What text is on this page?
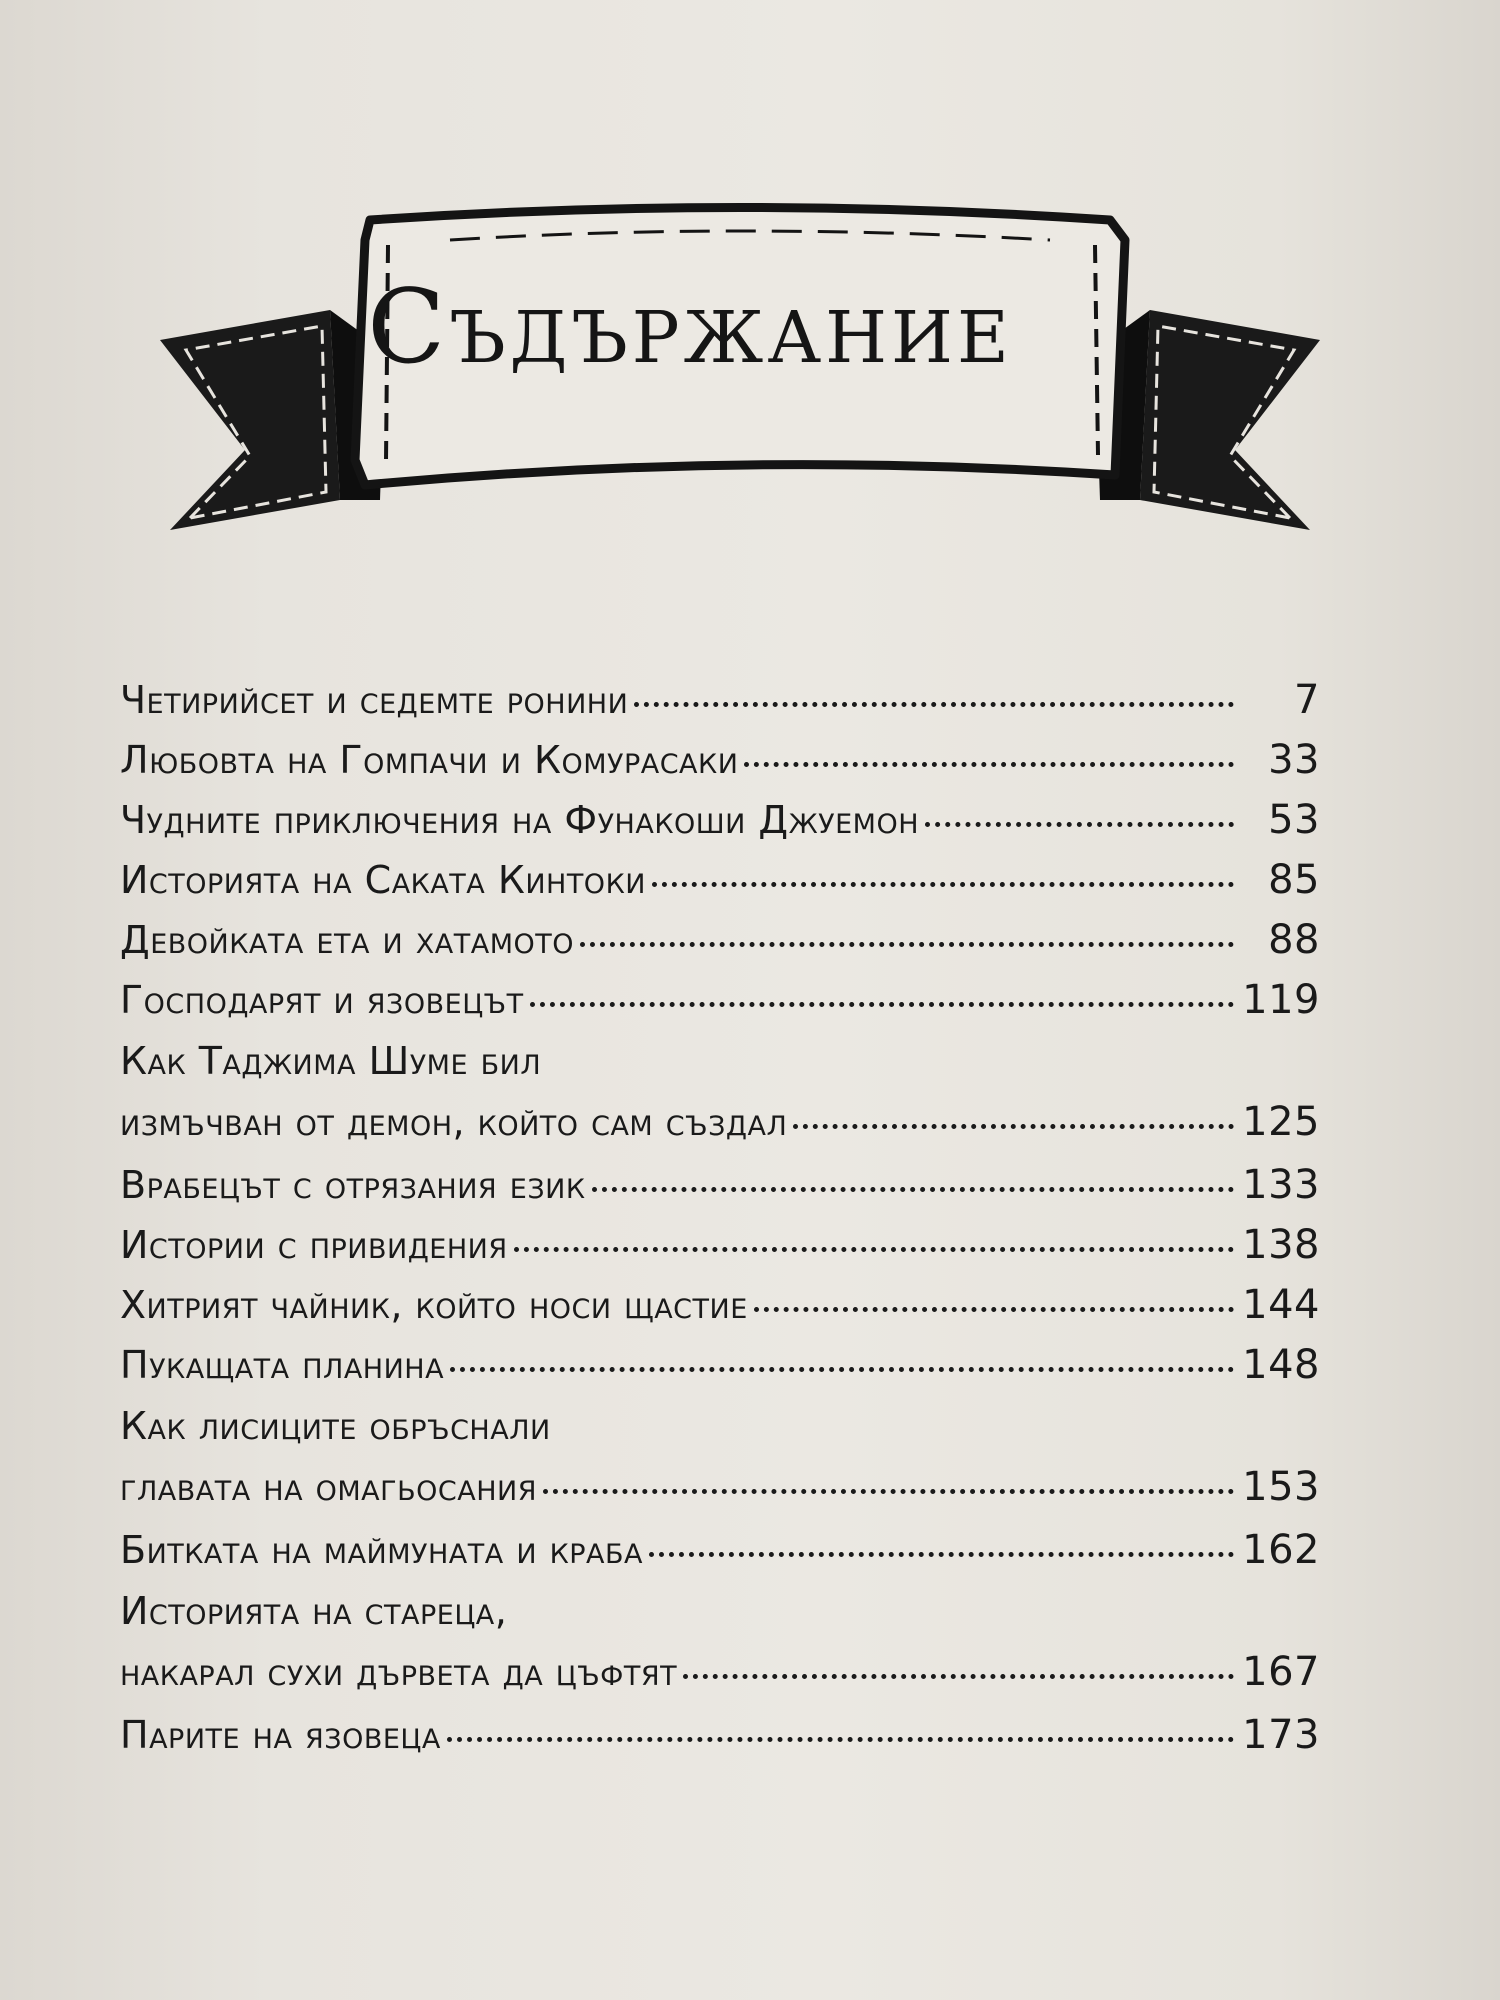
Съдържание
Четирийсет и седемте ронини	7
Любовта на Гомпачи и Комурасаки	33
Чудните приключения на Фунакоши Джуемон	53
Историята на Саката Кинтоки	85
Девойката ета и хатамото	88
Господарят и язовецът	119
Как Таджима Шуме бил
измъчван от демон, който сам създал	125
Врабецът с отрязания език	133
Истории с привидения	138
Хитрият чайник, който носи щастие	144
Пукащата планина	148
Как лисиците обръснали
главата на омагьосания	153
Битката на маймуната и краба	162
Историята на стареца,
накарал сухи дървета да цъфтят	167
Парите на язовеца	173
